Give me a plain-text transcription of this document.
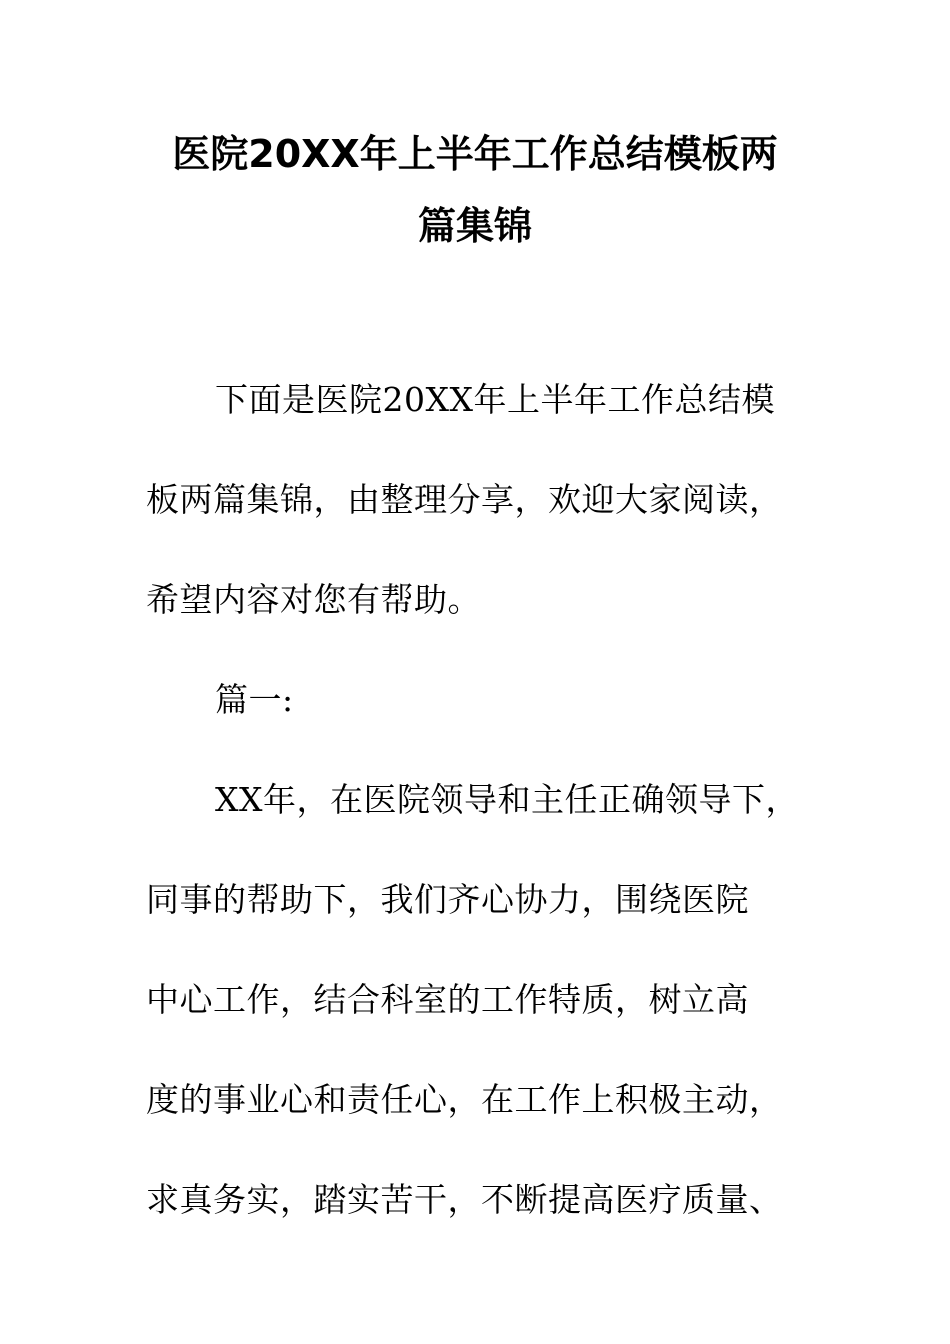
医院20XX年上半年工作总结模板两
篇集锦
下面是医院20XX年上半年工作总结模
板两篇集锦，由整理分享，欢迎大家阅读，
希望内容对您有帮助。
篇一:
XX年，在医院领导和主任正确领导下，
同事的帮助下，我们齐心协力，围绕医院
中心工作，结合科室的工作特质，树立高
度的事业心和责任心，在工作上积极主动，
求真务实，踏实苦干，不断提高医疗质量、
